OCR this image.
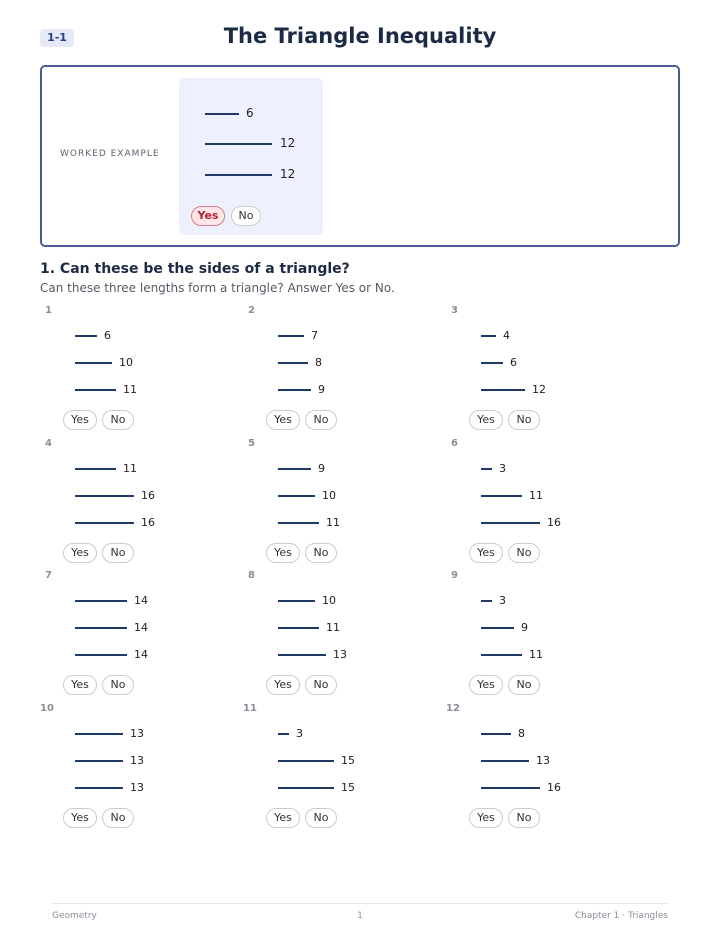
1-1	The Triangle Inequality
WORKED EXAMPLE
6
12
12
Yes	No
1. Can these be the sides of a triangle?
Can these three lengths form a triangle? Answer Yes or No.
1
6
10
11
Yes	No
2
7
8
9
Yes	No
3
4
6
12
Yes	No
4
11
16
16
Yes	No
5
9
10
11
Yes	No
6
3
11
16
Yes	No
7
14
14
14
Yes	No
8
10
11
13
Yes	No
9
3
9
11
Yes	No
10
13
13
13
Yes	No
11
3
15
15
Yes	No
12
8
13
16
Yes	No
Geometry	1	Chapter 1 · Triangles
